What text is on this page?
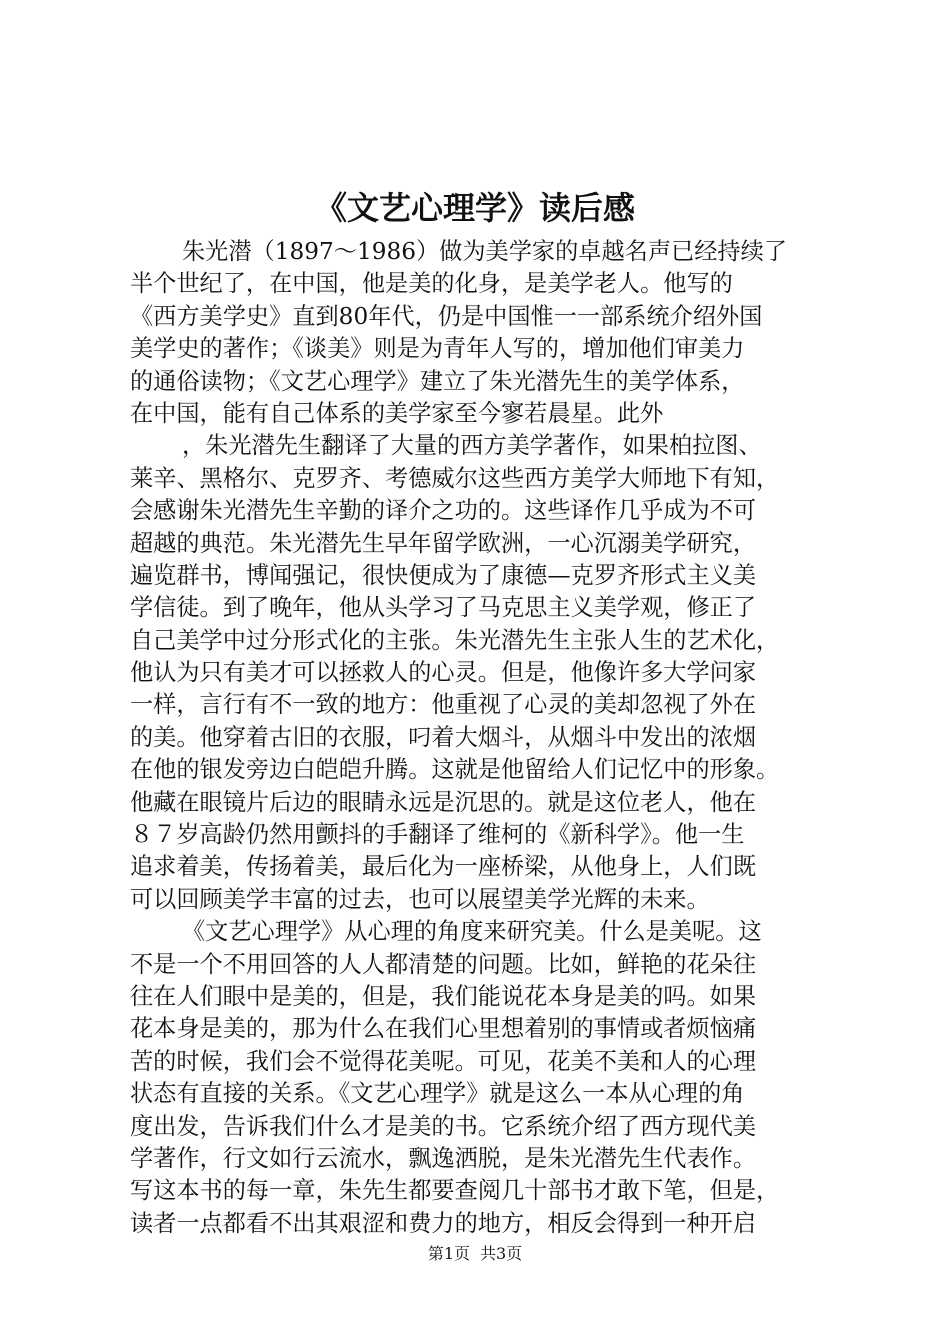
《文艺心理学》读后感
朱光潜（1897～1986）做为美学家的卓越名声已经持续了
半个世纪了，在中国，他是美的化身，是美学老人。他写的
《西方美学史》直到80年代，仍是中国惟一一部系统介绍外国
美学史的著作；《谈美》则是为青年人写的，增加他们审美力
的通俗读物；《文艺心理学》建立了朱光潜先生的美学体系，
在中国，能有自己体系的美学家至今寥若晨星。此外
，朱光潜先生翻译了大量的西方美学著作，如果柏拉图、
莱辛、黑格尔、克罗齐、考德威尔这些西方美学大师地下有知，
会感谢朱光潜先生辛勤的译介之功的。这些译作几乎成为不可
超越的典范。朱光潜先生早年留学欧洲，一心沉溺美学研究，
遍览群书，博闻强记，很快便成为了康德—克罗齐形式主义美
学信徒。到了晚年，他从头学习了马克思主义美学观，修正了
自己美学中过分形式化的主张。朱光潜先生主张人生的艺术化，
他认为只有美才可以拯救人的心灵。但是，他像许多大学问家
一样，言行有不一致的地方：他重视了心灵的美却忽视了外在
的美。他穿着古旧的衣服，叼着大烟斗，从烟斗中发出的浓烟
在他的银发旁边白皑皑升腾。这就是他留给人们记忆中的形象。
他藏在眼镜片后边的眼睛永远是沉思的。就是这位老人，他在
８７岁高龄仍然用颤抖的手翻译了维柯的《新科学》。他一生
追求着美，传扬着美，最后化为一座桥梁，从他身上，人们既
可以回顾美学丰富的过去，也可以展望美学光辉的未来。
《文艺心理学》从心理的角度来研究美。什么是美呢。这
不是一个不用回答的人人都清楚的问题。比如，鲜艳的花朵往
往在人们眼中是美的，但是，我们能说花本身是美的吗。如果
花本身是美的，那为什么在我们心里想着别的事情或者烦恼痛
苦的时候，我们会不觉得花美呢。可见，花美不美和人的心理
状态有直接的关系。《文艺心理学》就是这么一本从心理的角
度出发，告诉我们什么才是美的书。它系统介绍了西方现代美
学著作，行文如行云流水，飘逸洒脱，是朱光潜先生代表作。
写这本书的每一章，朱先生都要查阅几十部书才敢下笔，但是，
读者一点都看不出其艰涩和费力的地方，相反会得到一种开启
第1页 共3页
